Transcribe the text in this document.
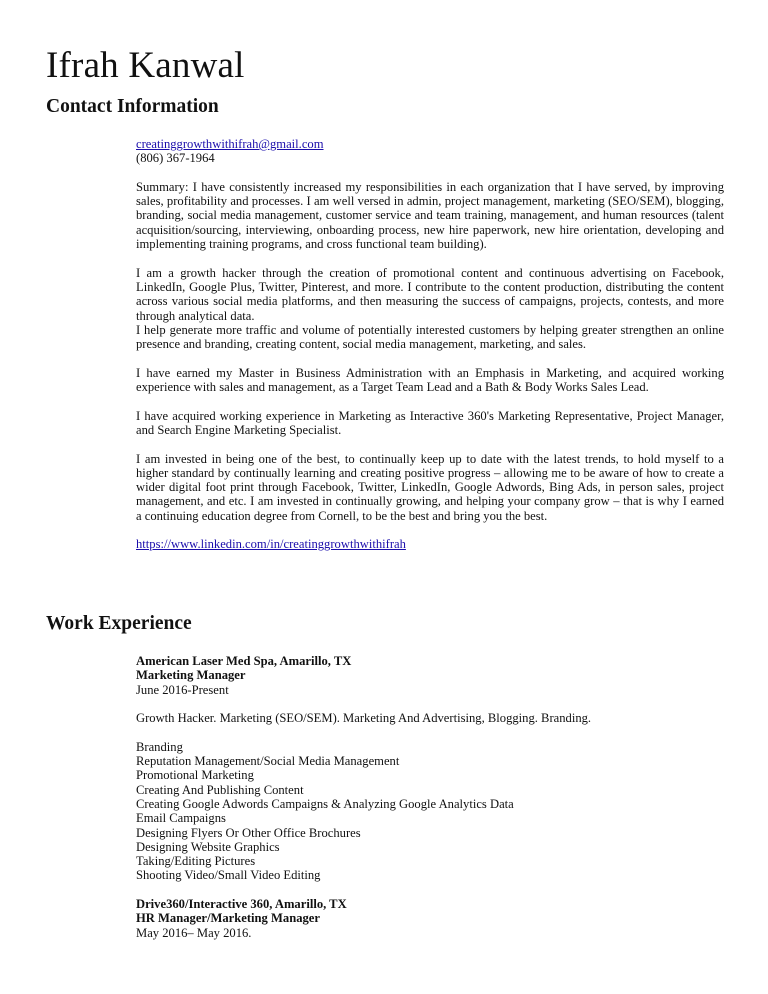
Ifrah Kanwal
Contact Information

creatinggrowthwithifrah@gmail.com

(806) 367-1964

Summary: I have consistently increased my responsibilities in each organization that I have served, by improving sales, profitability and processes. I am well versed in admin, project management, marketing (SEO/SEM), blogging, branding, social media management, customer service and team training, management, and human resources (talent acquisition/sourcing, interviewing, onboarding process, new hire paperwork, new hire orientation, developing and implementing training programs, and cross functional team building).

I am a growth hacker through the creation of promotional content and continuous advertising on Facebook, LinkedIn, Google Plus, Twitter, Pinterest, and more. I contribute to the content production, distributing the content across various social media platforms, and then measuring the success of campaigns, projects, contests, and more through analytical data.

I help generate more traffic and volume of potentially interested customers by helping greater strengthen an online presence and branding, creating content, social media management, marketing, and sales.

I have earned my Master in Business Administration with an Emphasis in Marketing, and acquired working experience with sales and management, as a Target Team Lead and a Bath & Body Works Sales Lead.

I have acquired working experience in Marketing as Interactive 360's Marketing Representative, Project Manager, and Search Engine Marketing Specialist.

I am invested in being one of the best, to continually keep up to date with the latest trends, to hold myself to a higher standard by continually learning and creating positive progress – allowing me to be aware of how to create a wider digital foot print through Facebook, Twitter, LinkedIn, Google Adwords, Bing Ads, in person sales, project management, and etc. I am invested in continually growing, and helping your company grow – that is why I earned a continuing education degree from Cornell, to be the best and bring you the best.

https://www.linkedin.com/in/creatinggrowthwithifrah

Work Experience

American Laser Med Spa, Amarillo, TX

Marketing Manager

June 2016-Present

Growth Hacker. Marketing (SEO/SEM). Marketing And Advertising, Blogging. Branding.

Branding

Reputation Management/Social Media Management

Promotional Marketing

Creating And Publishing Content

Creating Google Adwords Campaigns & Analyzing Google Analytics Data

Email Campaigns

Designing Flyers Or Other Office Brochures

Designing Website Graphics

Taking/Editing Pictures

Shooting Video/Small Video Editing

Drive360/Interactive 360, Amarillo, TX

HR Manager/Marketing Manager

May 2016– May 2016.
